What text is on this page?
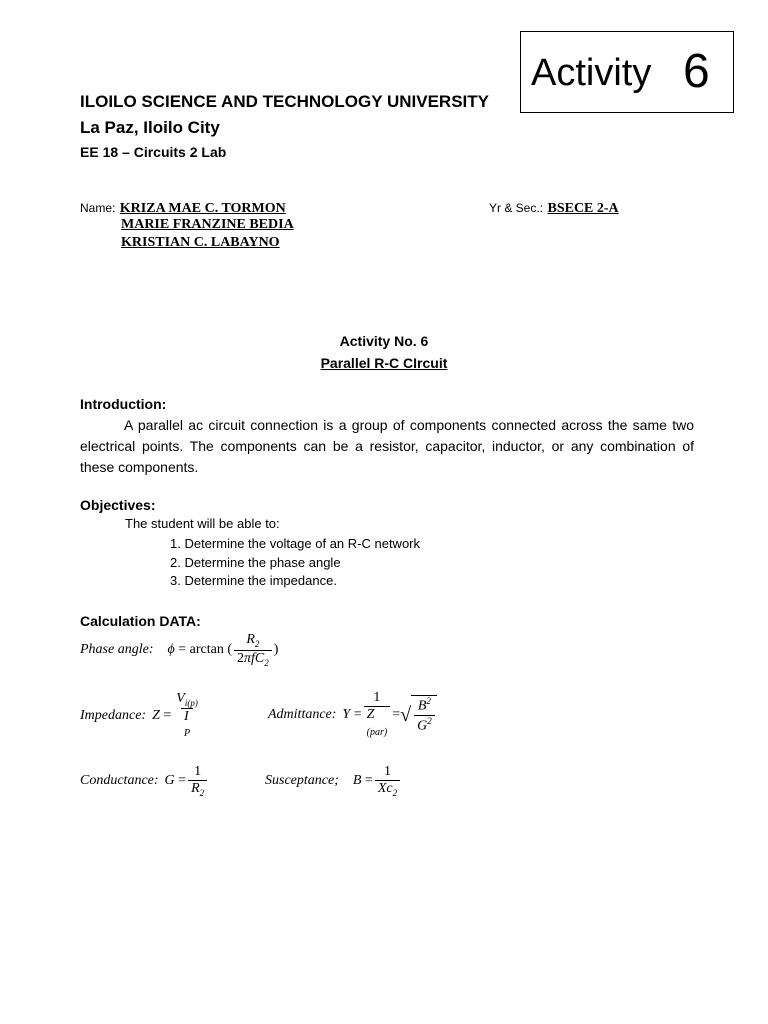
Activity 6
ILOILO SCIENCE AND TECHNOLOGY UNIVERSITY
La Paz, Iloilo City
EE 18 – Circuits 2 Lab
Name: KRIZA MAE C. TORMON
MARIE FRANZINE BEDIA
KRISTIAN C. LABAYNO
Yr & Sec.: BSECE 2-A
Activity No. 6
Parallel R-C CIrcuit
Introduction:
A parallel ac circuit connection is a group of components connected across the same two electrical points. The components can be a resistor, capacitor, inductor, or any combination of these components.
Objectives:
The student will be able to:
1. Determine the voltage of an R-C network
2. Determine the phase angle
3. Determine the impedance.
Calculation DATA:
Phase angle: ϕ = arctan ( $\frac{R_2}{2\pi fC_2}$ )
Impedance: Z =
$V_{i(p)}$
I
P
Admittance: Y =
1
Z
(par)
= √ $\frac{B^2}{G^2}$
Conductance: $G = \frac{1}{R_2}$	Susceptance; $B = \frac{1}{Xc_2}$
